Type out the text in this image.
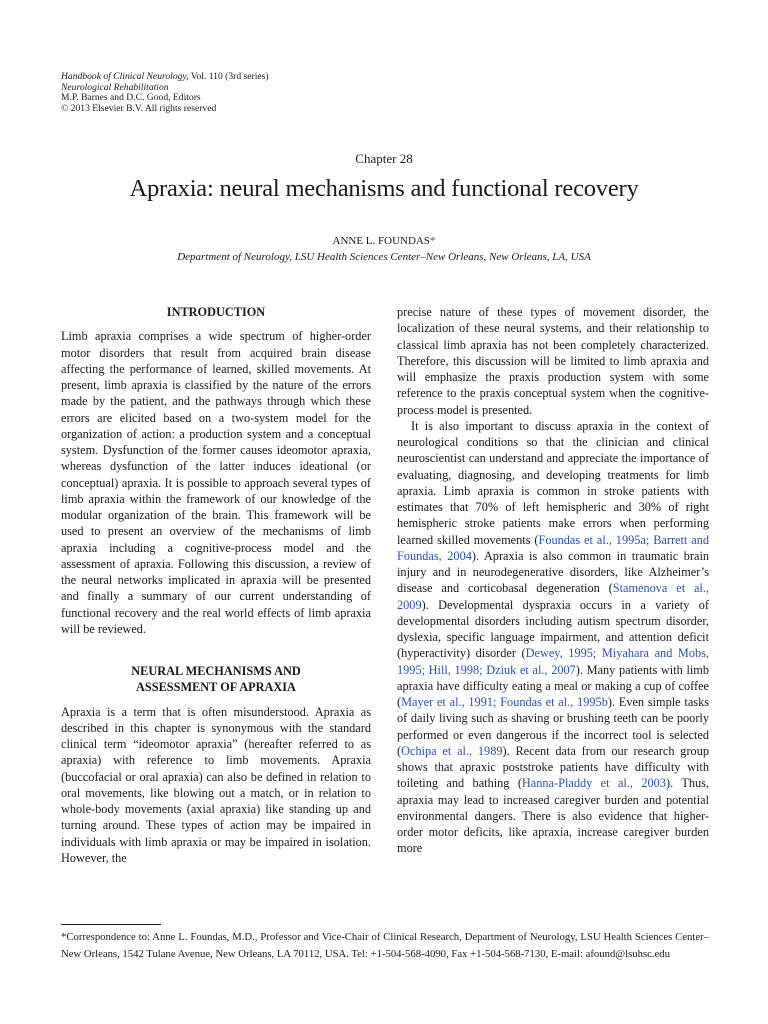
Handbook of Clinical Neurology, Vol. 110 (3rd series)
Neurological Rehabilitation
M.P. Barnes and D.C. Good, Editors
© 2013 Elsevier B.V. All rights reserved
Chapter 28
Apraxia: neural mechanisms and functional recovery
ANNE L. FOUNDAS*
Department of Neurology, LSU Health Sciences Center–New Orleans, New Orleans, LA, USA
INTRODUCTION

Limb apraxia comprises a wide spectrum of higher-order motor disorders that result from acquired brain disease affecting the performance of learned, skilled movements. At present, limb apraxia is classified by the nature of the errors made by the patient, and the pathways through which these errors are elicited based on a two-system model for the organization of action: a production system and a conceptual system. Dysfunction of the former causes ideomotor apraxia, whereas dysfunction of the latter induces ideational (or conceptual) apraxia. It is possible to approach several types of limb apraxia within the framework of our knowledge of the modular organization of the brain. This framework will be used to present an overview of the mechanisms of limb apraxia including a cognitive-process model and the assessment of apraxia. Following this discussion, a review of the neural networks implicated in apraxia will be presented and finally a summary of our current understanding of functional recovery and the real world effects of limb apraxia will be reviewed.

NEURAL MECHANISMS AND
ASSESSMENT OF APRAXIA

Apraxia is a term that is often misunderstood. Apraxia as described in this chapter is synonymous with the standard clinical term “ideomotor apraxia” (hereafter referred to as apraxia) with reference to limb movements. Apraxia (buccofacial or oral apraxia) can also be defined in relation to oral movements, like blowing out a match, or in relation to whole-body movements (axial apraxia) like standing up and turning around. These types of action may be impaired in individuals with limb apraxia or may be impaired in isolation. However, the

precise nature of these types of movement disorder, the localization of these neural systems, and their relationship to classical limb apraxia has not been completely characterized. Therefore, this discussion will be limited to limb apraxia and will emphasize the praxis production system with some reference to the praxis conceptual system when the cognitive-process model is presented.

It is also important to discuss apraxia in the context of neurological conditions so that the clinician and clinical neuroscientist can understand and appreciate the importance of evaluating, diagnosing, and developing treatments for limb apraxia. Limb apraxia is common in stroke patients with estimates that 70% of left hemispheric and 30% of right hemispheric stroke patients make errors when performing learned skilled movements (Foundas et al., 1995a; Barrett and Foundas, 2004). Apraxia is also common in traumatic brain injury and in neurodegenerative disorders, like Alzheimer’s disease and corticobasal degeneration (Stamenova et al., 2009). Developmental dyspraxia occurs in a variety of developmental disorders including autism spectrum disorder, dyslexia, specific language impairment, and attention deficit (hyperactivity) disorder (Dewey, 1995; Miyahara and Mobs, 1995; Hill, 1998; Dziuk et al., 2007). Many patients with limb apraxia have difficulty eating a meal or making a cup of coffee (Mayer et al., 1991; Foundas et al., 1995b). Even simple tasks of daily living such as shaving or brushing teeth can be poorly performed or even dangerous if the incorrect tool is selected (Ochipa et al., 1989). Recent data from our research group shows that apraxic poststroke patients have difficulty with toileting and bathing (Hanna-Pladdy et al., 2003). Thus, apraxia may lead to increased caregiver burden and potential environmental dangers. There is also evidence that higher-order motor deficits, like apraxia, increase caregiver burden more

*Correspondence to: Anne L. Foundas, M.D., Professor and Vice-Chair of Clinical Research, Department of Neurology, LSU Health Sciences Center–New Orleans, 1542 Tulane Avenue, New Orleans, LA 70112, USA. Tel: +1-504-568-4090, Fax +1-504-568-7130, E-mail: afound@lsuhsc.edu
